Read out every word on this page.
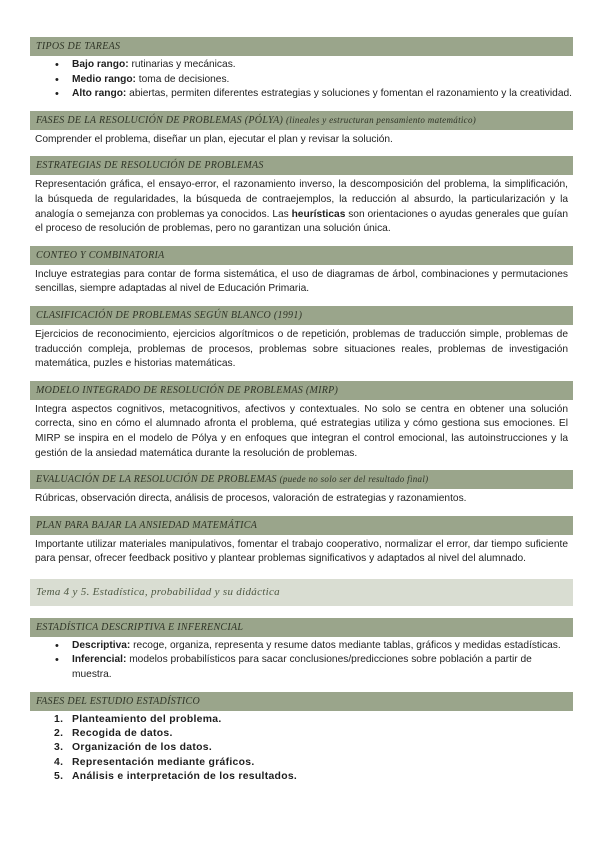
TIPOS DE TAREAS
• Bajo rango: rutinarias y mecánicas.
• Medio rango: toma de decisiones.
• Alto rango: abiertas, permiten diferentes estrategias y soluciones y fomentan el razonamiento y la creatividad.
FASES DE LA RESOLUCIÓN DE PROBLEMAS (PÓLYA) (lineales y estructuran pensamiento matemático)
Comprender el problema, diseñar un plan, ejecutar el plan y revisar la solución.
ESTRATEGIAS DE RESOLUCIÓN DE PROBLEMAS
Representación gráfica, el ensayo-error, el razonamiento inverso, la descomposición del problema, la simplificación, la búsqueda de regularidades, la búsqueda de contraejemplos, la reducción al absurdo, la particularización y la analogía o semejanza con problemas ya conocidos. Las heurísticas son orientaciones o ayudas generales que guían el proceso de resolución de problemas, pero no garantizan una solución única.
CONTEO Y COMBINATORIA
Incluye estrategias para contar de forma sistemática, el uso de diagramas de árbol, combinaciones y permutaciones sencillas, siempre adaptadas al nivel de Educación Primaria.
CLASIFICACIÓN DE PROBLEMAS SEGÚN BLANCO (1991)
Ejercicios de reconocimiento, ejercicios algorítmicos o de repetición, problemas de traducción simple, problemas de traducción compleja, problemas de procesos, problemas sobre situaciones reales, problemas de investigación matemática, puzles e historias matemáticas.
MODELO INTEGRADO DE RESOLUCIÓN DE PROBLEMAS (MIRP)
Integra aspectos cognitivos, metacognitivos, afectivos y contextuales. No solo se centra en obtener una solución correcta, sino en cómo el alumnado afronta el problema, qué estrategias utiliza y cómo gestiona sus emociones. El MIRP se inspira en el modelo de Pólya y en enfoques que integran el control emocional, las autoinstrucciones y la gestión de la ansiedad matemática durante la resolución de problemas.
EVALUACIÓN DE LA RESOLUCIÓN DE PROBLEMAS (puede no solo ser del resultado final)
Rúbricas, observación directa, análisis de procesos, valoración de estrategias y razonamientos.
PLAN PARA BAJAR LA ANSIEDAD MATEMÁTICA
Importante utilizar materiales manipulativos, fomentar el trabajo cooperativo, normalizar el error, dar tiempo suficiente para pensar, ofrecer feedback positivo y plantear problemas significativos y adaptados al nivel del alumnado.
Tema 4 y 5. Estadística, probabilidad y su didáctica
ESTADÍSTICA DESCRIPTIVA E INFERENCIAL
• Descriptiva: recoge, organiza, representa y resume datos mediante tablas, gráficos y medidas estadísticas.
• Inferencial: modelos probabilísticos para sacar conclusiones/predicciones sobre población a partir de muestra.
FASES DEL ESTUDIO ESTADÍSTICO
1. Planteamiento del problema.
2. Recogida de datos.
3. Organización de los datos.
4. Representación mediante gráficos.
5. Análisis e interpretación de los resultados.
